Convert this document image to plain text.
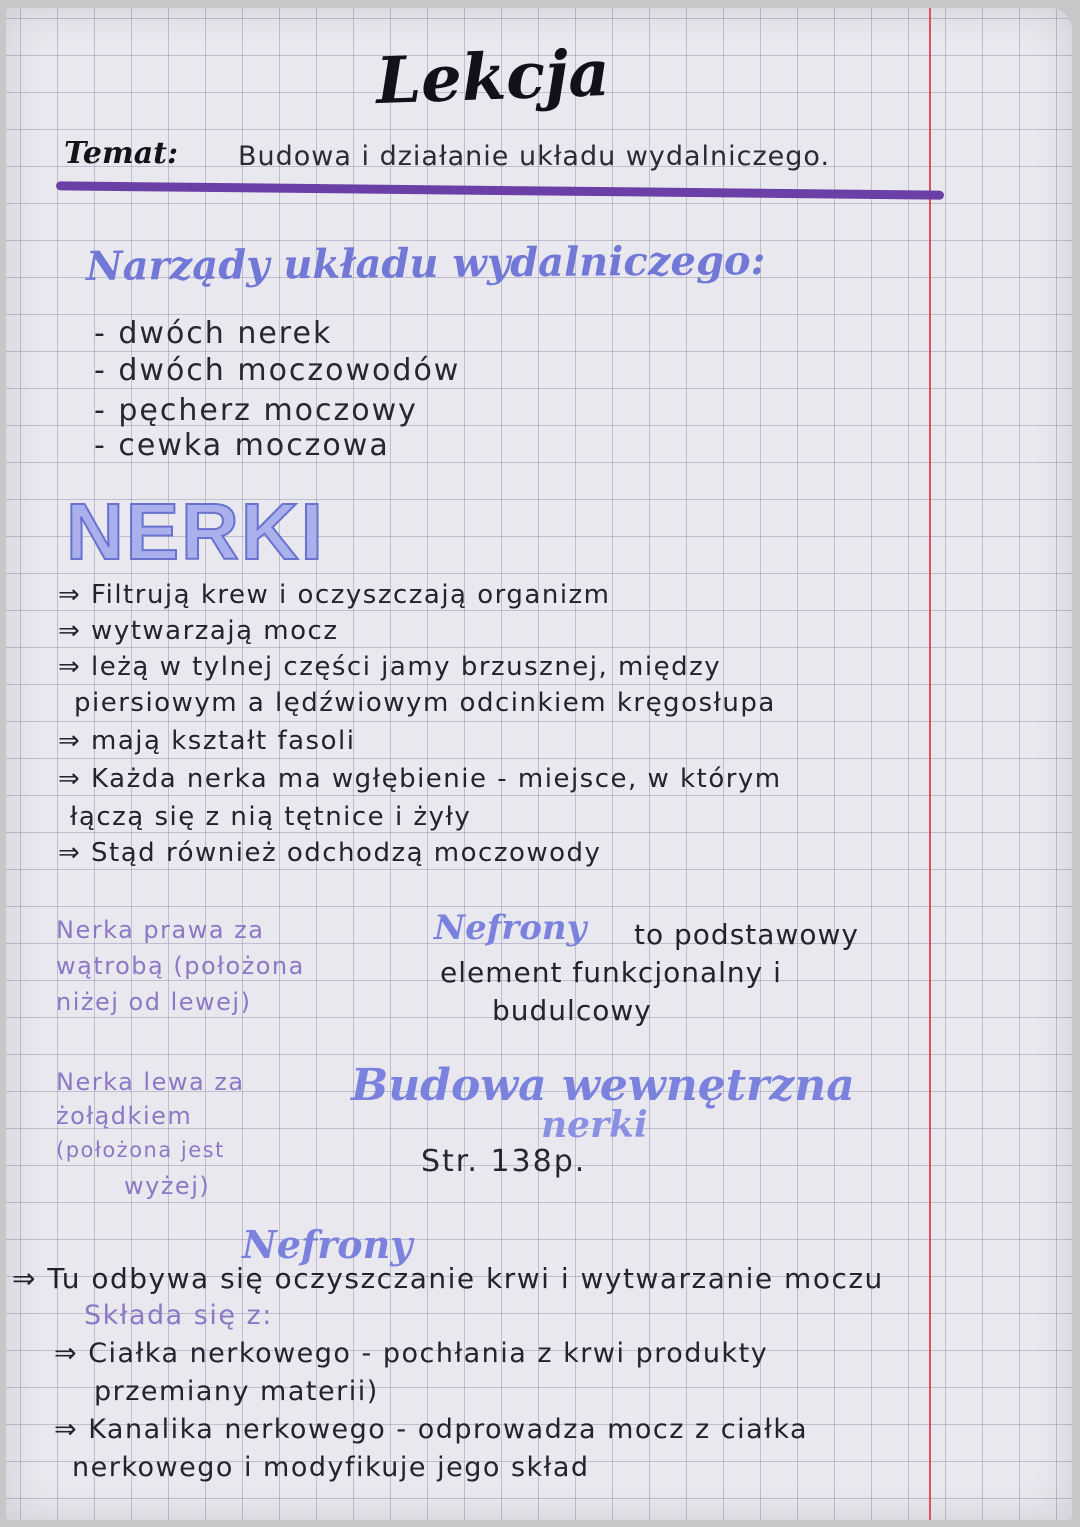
Lekcja
Temat: Budowa i działanie układu wydalniczego.
Narządy układu wydalniczego:
- dwóch nerek
- dwóch moczowodów
- pęcherz moczowy
- cewka moczowa
NERKI
⇒ Filtrują krew i oczyszczają organizm
⇒ wytwarzają mocz
⇒ leżą w tylnej części jamy brzusznej, między
piersiowym a lędźwiowym odcinkiem kręgosłupa
⇒ mają kształt fasoli
⇒ Każda nerka ma wgłębienie - miejsce, w którym
łączą się z nią tętnice i żyły
⇒ Stąd również odchodzą moczowody
Nerka prawa za
wątrobą (położona
niżej od lewej)
Nefrony to podstawowy
element funkcjonalny i
budulcowy
Nerka lewa za
żołądkiem
(położona jest
wyżej)
Budowa wewnętrzna
nerki
Str. 138p.
Nefrony
⇒ Tu odbywa się oczyszczanie krwi i wytwarzanie moczu
Składa się z:
⇒ Ciałka nerkowego - pochłania z krwi produkty
przemiany materii)
⇒ Kanalika nerkowego - odprowadza mocz z ciałka
nerkowego i modyfikuje jego skład
